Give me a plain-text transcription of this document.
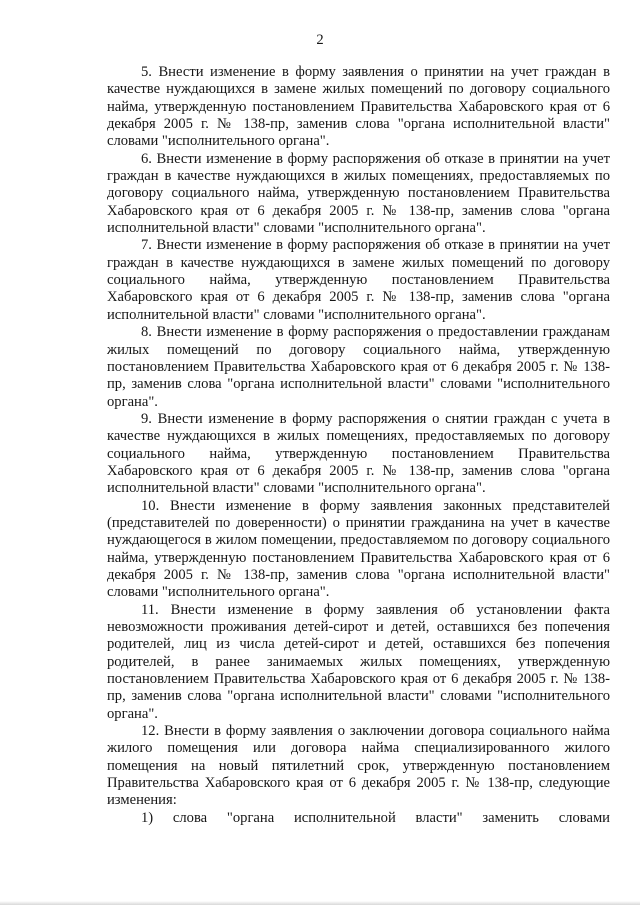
2

5. Внести изменение в форму заявления о принятии на учет граждан в качестве нуждающихся в замене жилых помещений по договору социального найма, утвержденную постановлением Правительства Хабаровского края от 6 декабря 2005 г. № 138-пр, заменив слова "органа исполнительной власти" словами "исполнительного органа".

6. Внести изменение в форму распоряжения об отказе в принятии на учет граждан в качестве нуждающихся в жилых помещениях, предоставляемых по договору социального найма, утвержденную постановлением Правительства Хабаровского края от 6 декабря 2005 г. № 138-пр, заменив слова "органа исполнительной власти" словами "исполнительного органа".

7. Внести изменение в форму распоряжения об отказе в принятии на учет граждан в качестве нуждающихся в замене жилых помещений по договору социального найма, утвержденную постановлением Правительства Хабаровского края от 6 декабря 2005 г. № 138-пр, заменив слова "органа исполнительной власти" словами "исполнительного органа".

8. Внести изменение в форму распоряжения о предоставлении гражданам жилых помещений по договору социального найма, утвержденную постановлением Правительства Хабаровского края от 6 декабря 2005 г. № 138-пр, заменив слова "органа исполнительной власти" словами "исполнительного органа".

9. Внести изменение в форму распоряжения о снятии граждан с учета в качестве нуждающихся в жилых помещениях, предоставляемых по договору социального найма, утвержденную постановлением Правительства Хабаровского края от 6 декабря 2005 г. № 138-пр, заменив слова "органа исполнительной власти" словами "исполнительного органа".

10. Внести изменение в форму заявления законных представителей (представителей по доверенности) о принятии гражданина на учет в качестве нуждающегося в жилом помещении, предоставляемом по договору социального найма, утвержденную постановлением Правительства Хабаровского края от 6 декабря 2005 г. № 138-пр, заменив слова "органа исполнительной власти" словами "исполнительного органа".

11. Внести изменение в форму заявления об установлении факта невозможности проживания детей-сирот и детей, оставшихся без попечения родителей, лиц из числа детей-сирот и детей, оставшихся без попечения родителей, в ранее занимаемых жилых помещениях, утвержденную постановлением Правительства Хабаровского края от 6 декабря 2005 г. № 138-пр, заменив слова "органа исполнительной власти" словами "исполнительного органа".

12. Внести в форму заявления о заключении договора социального найма жилого помещения или договора найма специализированного жилого помещения на новый пятилетний срок, утвержденную постановлением Правительства Хабаровского края от 6 декабря 2005 г. № 138-пр, следующие изменения:

1) слова "органа исполнительной власти" заменить словами
